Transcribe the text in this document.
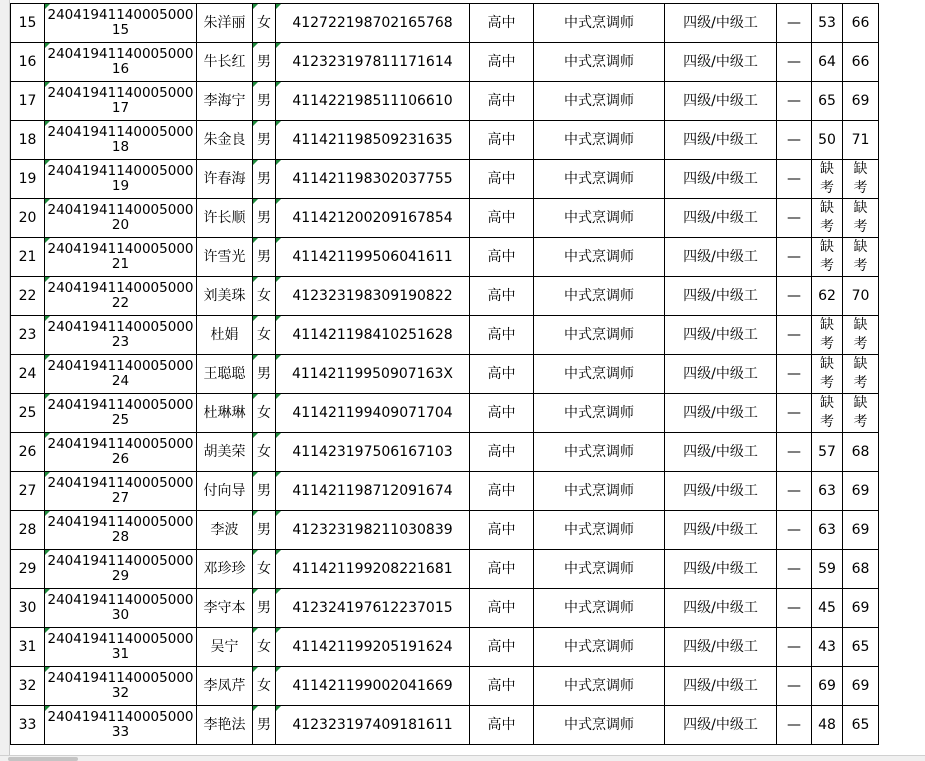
15	2404194114000500015	朱洋丽	女	412722198702165768	高中	中式烹调师	四级/中级工	—	53	66
16	2404194114000500016	牛长红	男	412323197811171614	高中	中式烹调师	四级/中级工	—	64	66
17	2404194114000500017	李海宁	男	411422198511106610	高中	中式烹调师	四级/中级工	—	65	69
18	2404194114000500018	朱金良	男	411421198509231635	高中	中式烹调师	四级/中级工	—	50	71
19	2404194114000500019	许春海	男	411421198302037755	高中	中式烹调师	四级/中级工	—	缺考	缺考
20	2404194114000500020	许长顺	男	411421200209167854	高中	中式烹调师	四级/中级工	—	缺考	缺考
21	2404194114000500021	许雪光	男	411421199506041611	高中	中式烹调师	四级/中级工	—	缺考	缺考
22	2404194114000500022	刘美珠	女	412323198309190822	高中	中式烹调师	四级/中级工	—	62	70
23	2404194114000500023	杜娟	女	411421198410251628	高中	中式烹调师	四级/中级工	—	缺考	缺考
24	2404194114000500024	王聪聪	男	41142119950907163X	高中	中式烹调师	四级/中级工	—	缺考	缺考
25	2404194114000500025	杜琳琳	女	411421199409071704	高中	中式烹调师	四级/中级工	—	缺考	缺考
26	2404194114000500026	胡美荣	女	411423197506167103	高中	中式烹调师	四级/中级工	—	57	68
27	2404194114000500027	付向导	男	411421198712091674	高中	中式烹调师	四级/中级工	—	63	69
28	2404194114000500028	李波	男	412323198211030839	高中	中式烹调师	四级/中级工	—	63	69
29	2404194114000500029	邓珍珍	女	411421199208221681	高中	中式烹调师	四级/中级工	—	59	68
30	2404194114000500030	李守本	男	412324197612237015	高中	中式烹调师	四级/中级工	—	45	69
31	2404194114000500031	吴宁	女	411421199205191624	高中	中式烹调师	四级/中级工	—	43	65
32	2404194114000500032	李凤芹	女	411421199002041669	高中	中式烹调师	四级/中级工	—	69	69
33	2404194114000500033	李艳法	男	412323197409181611	高中	中式烹调师	四级/中级工	—	48	65
